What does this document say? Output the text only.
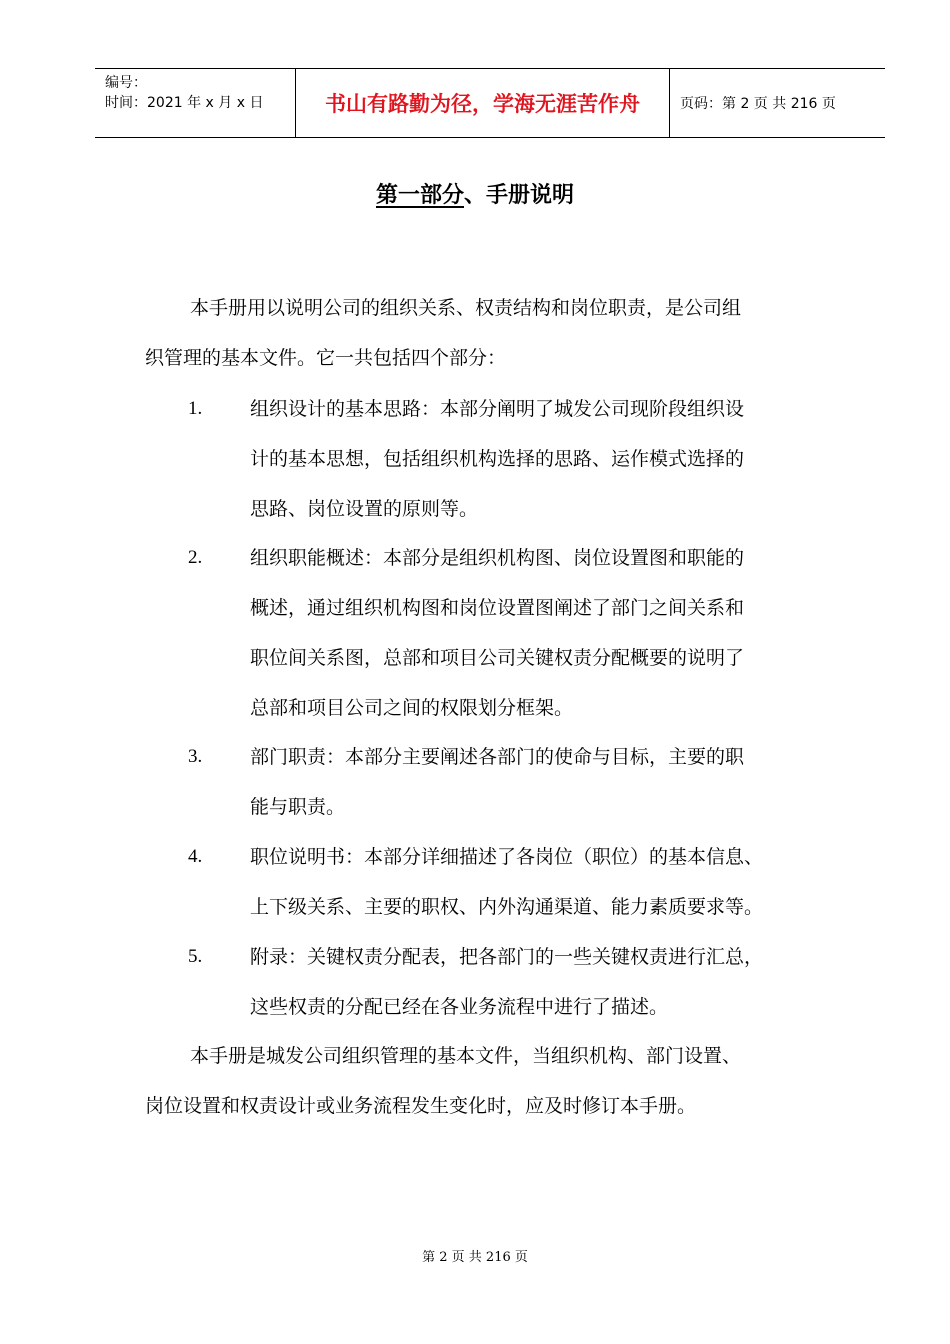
编号：
时间：2021 年 x 月 x 日	书山有路勤为径，学海无涯苦作舟	页码：第 2 页 共 216 页
第一部分、手册说明
本手册用以说明公司的组织关系、权责结构和岗位职责，是公司组
织管理的基本文件。它一共包括四个部分：
1.	组织设计的基本思路：本部分阐明了城发公司现阶段组织设
计的基本思想，包括组织机构选择的思路、运作模式选择的
思路、岗位设置的原则等。
2.	组织职能概述：本部分是组织机构图、岗位设置图和职能的
概述，通过组织机构图和岗位设置图阐述了部门之间关系和
职位间关系图，总部和项目公司关键权责分配概要的说明了
总部和项目公司之间的权限划分框架。
3.	部门职责：本部分主要阐述各部门的使命与目标，主要的职
能与职责。
4.	职位说明书：本部分详细描述了各岗位（职位）的基本信息、
上下级关系、主要的职权、内外沟通渠道、能力素质要求等。
5.	附录：关键权责分配表，把各部门的一些关键权责进行汇总，
这些权责的分配已经在各业务流程中进行了描述。
本手册是城发公司组织管理的基本文件，当组织机构、部门设置、
岗位设置和权责设计或业务流程发生变化时，应及时修订本手册。
第 2 页 共 216 页
